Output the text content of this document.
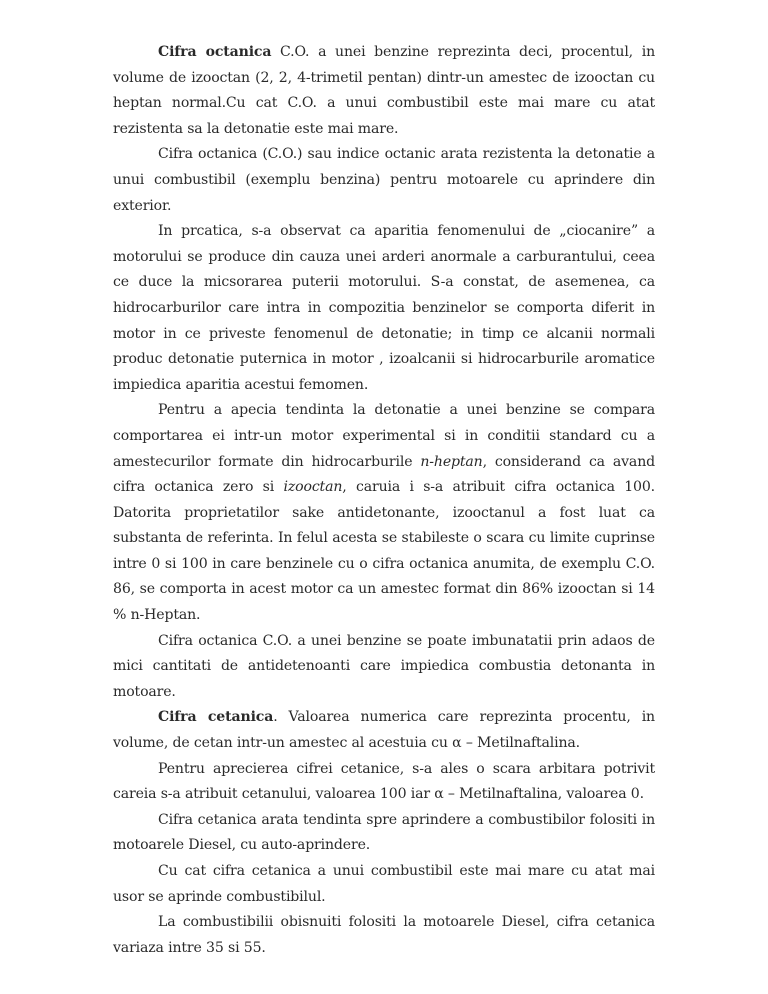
Cifra octanica C.O. a unei benzine reprezinta deci, procentul, in volume de izooctan (2, 2, 4-trimetil pentan) dintr-un amestec de izooctan cu heptan normal.Cu cat C.O. a unui combustibil este mai mare cu atat rezistenta sa la detonatie este mai mare.

Cifra octanica (C.O.) sau indice octanic arata rezistenta la detonatie a unui combustibil (exemplu benzina) pentru motoarele cu aprindere din exterior.

In prcatica, s-a observat ca aparitia fenomenului de „ciocanire” a motorului se produce din cauza unei arderi anormale a carburantului, ceea ce duce la micsorarea puterii motorului. S-a constat, de asemenea, ca hidrocarburilor care intra in compozitia benzinelor se comporta diferit in motor in ce priveste fenomenul de detonatie; in timp ce alcanii normali produc detonatie puternica in motor , izoalcanii si hidrocarburile aromatice impiedica aparitia acestui femomen.

Pentru a apecia tendinta la detonatie a unei benzine se compara comportarea ei intr-un motor experimental si in conditii standard cu a amestecurilor formate din hidrocarburile n-heptan, considerand ca avand cifra octanica zero si izooctan, caruia i s-a atribuit cifra octanica 100. Datorita proprietatilor sake antidetonante, izooctanul a fost luat ca substanta de referinta. In felul acesta se stabileste o scara cu limite cuprinse intre 0 si 100 in care benzinele cu o cifra octanica anumita, de exemplu C.O. 86, se comporta in acest motor ca un amestec format din 86% izooctan si 14 % n-Heptan.

Cifra octanica C.O. a unei benzine se poate imbunatatii prin adaos de mici cantitati de antidetenoanti care impiedica combustia detonanta in motoare.

Cifra cetanica. Valoarea numerica care reprezinta procentu, in volume, de cetan intr-un amestec al acestuia cu α – Metilnaftalina.

Pentru aprecierea cifrei cetanice, s-a ales o scara arbitara potrivit careia s-a atribuit cetanului, valoarea 100 iar α – Metilnaftalina, valoarea 0.

Cifra cetanica arata tendinta spre aprindere a combustibilor folositi in motoarele Diesel, cu auto-aprindere.

Cu cat cifra cetanica a unui combustibil este mai mare cu atat mai usor se aprinde combustibilul.

La combustibilii obisnuiti folositi la motoarele Diesel, cifra cetanica variaza intre 35 si 55.
